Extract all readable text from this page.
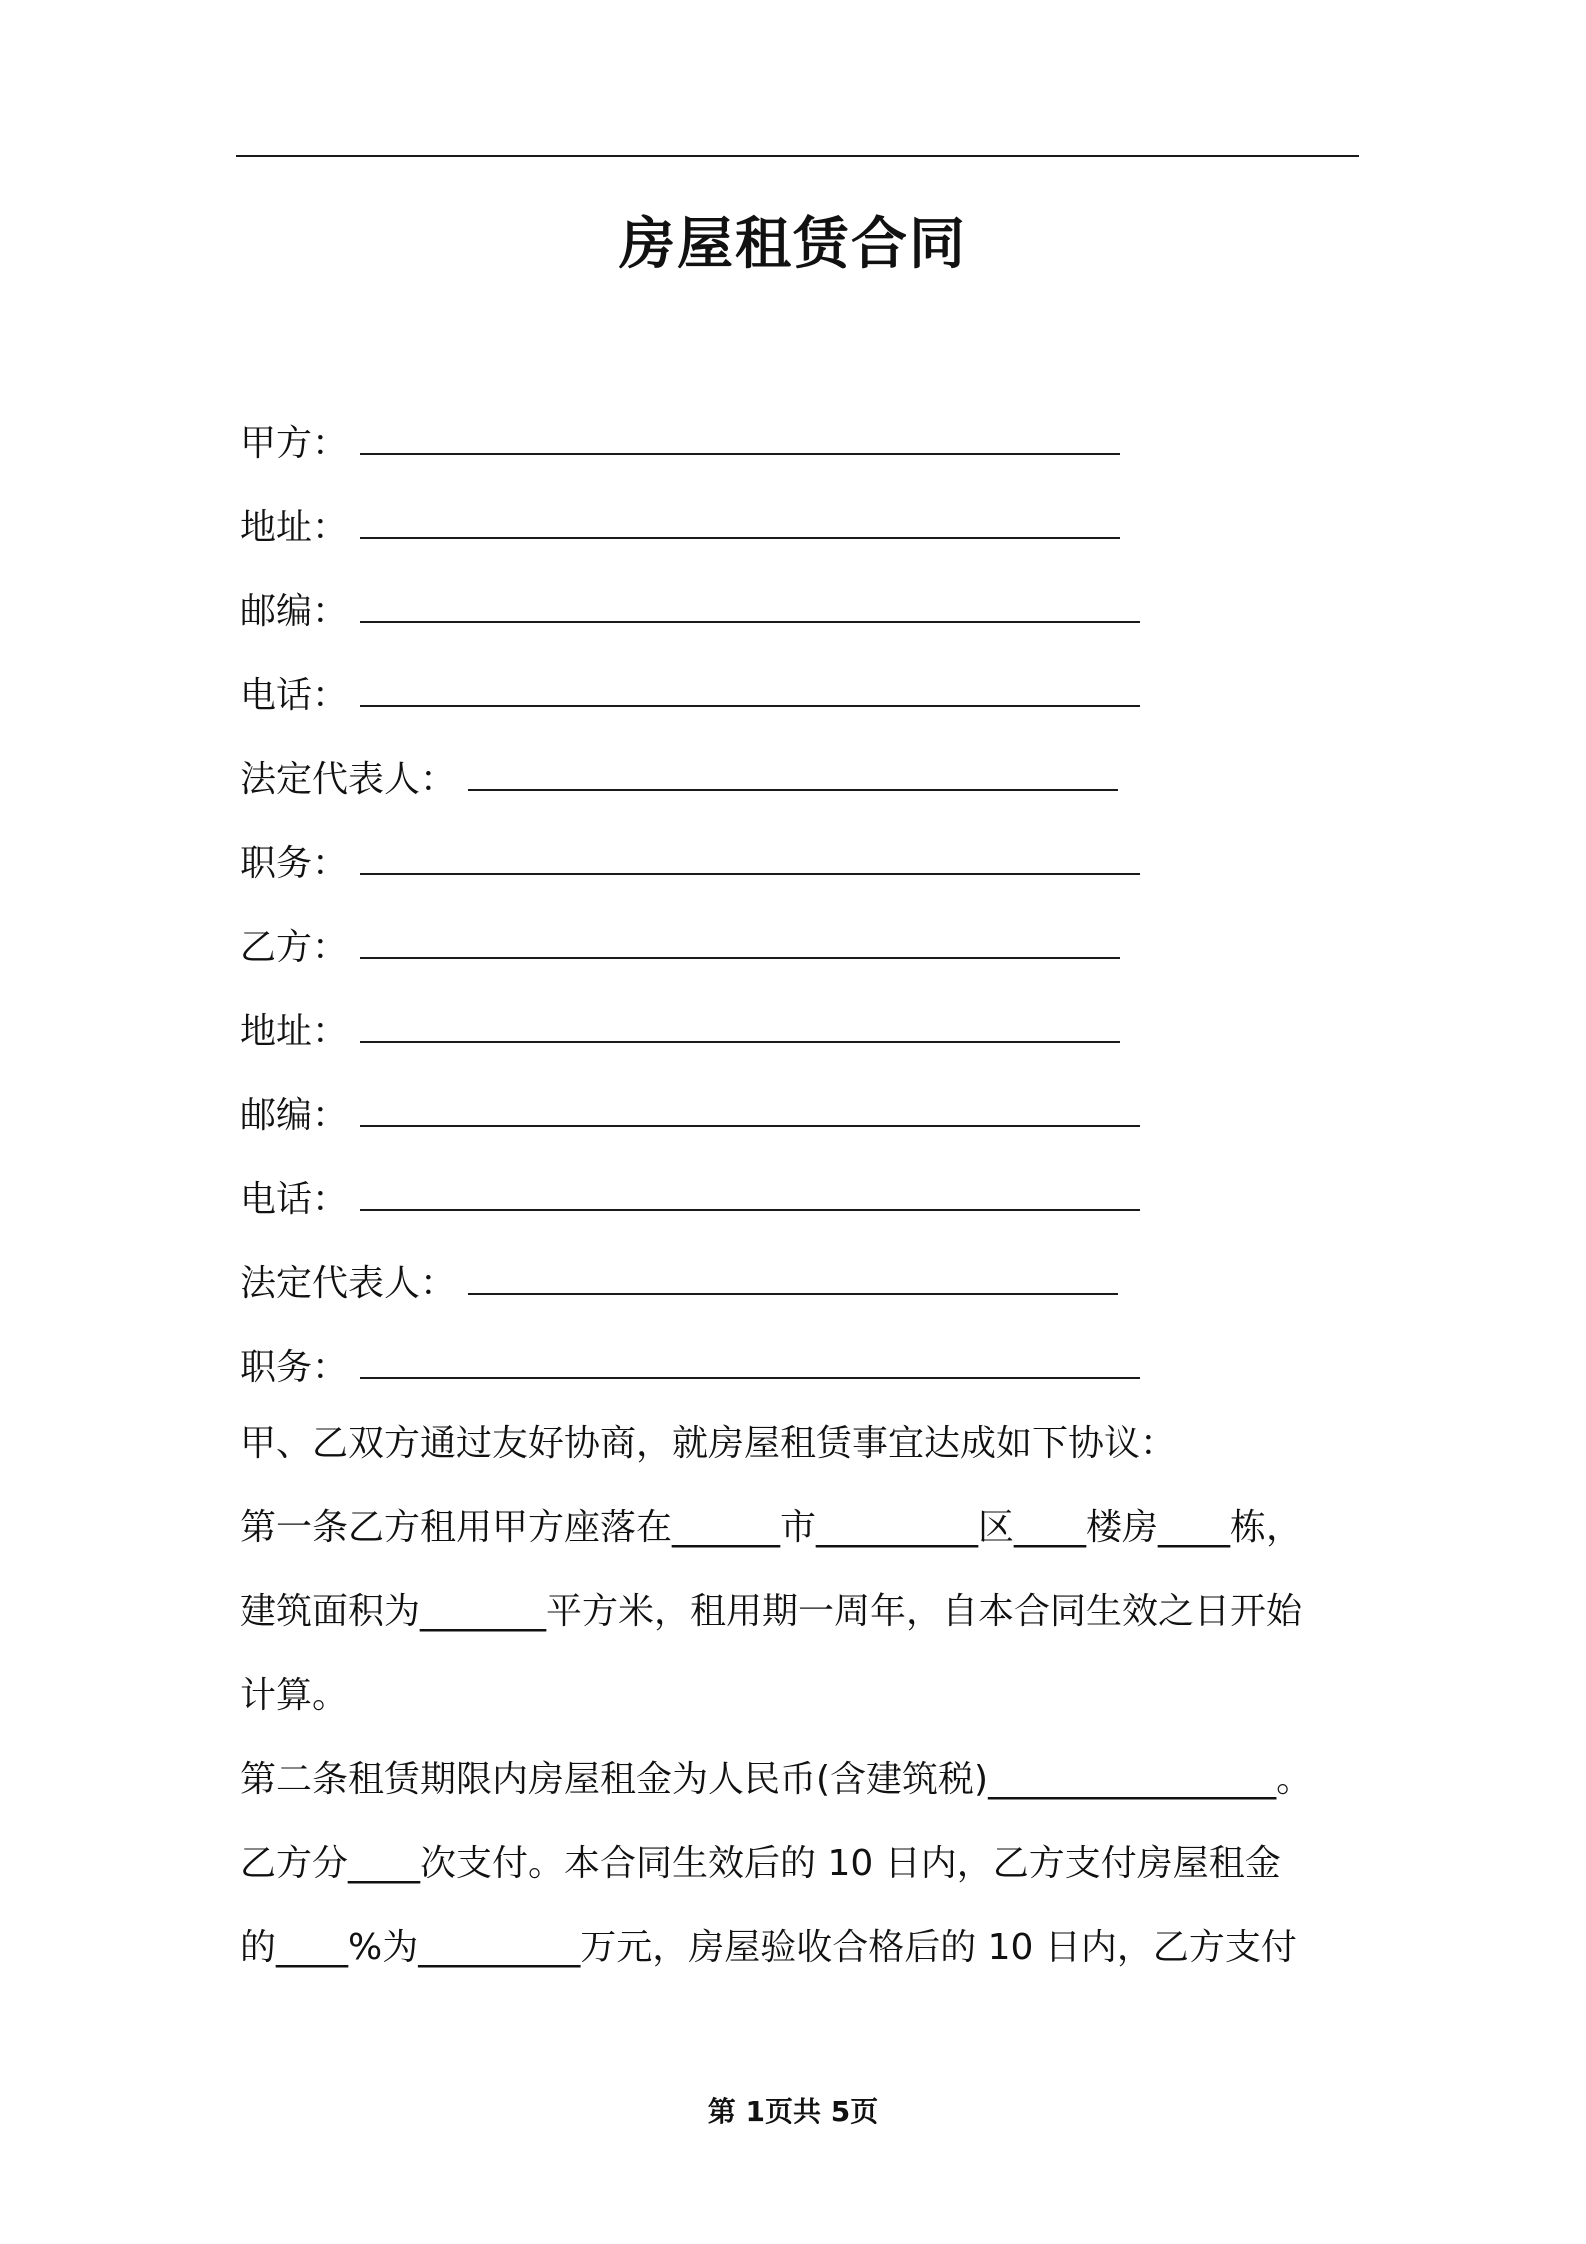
房屋租赁合同
甲方：
地址：
邮编：
电话：
法定代表人：
职务：
乙方：
地址：
邮编：
电话：
法定代表人：
职务：
甲、乙双方通过友好协商，就房屋租赁事宜达成如下协议：
第一条乙方租用甲方座落在______市_________区____楼房____栋，
建筑面积为_______平方米，租用期一周年，自本合同生效之日开始
计算。
第二条租赁期限内房屋租金为人民币(含建筑税)________________。
乙方分____次支付。本合同生效后的 10 日内，乙方支付房屋租金
的____%为_________万元，房屋验收合格后的 10 日内，乙方支付
第 1页共 5页
